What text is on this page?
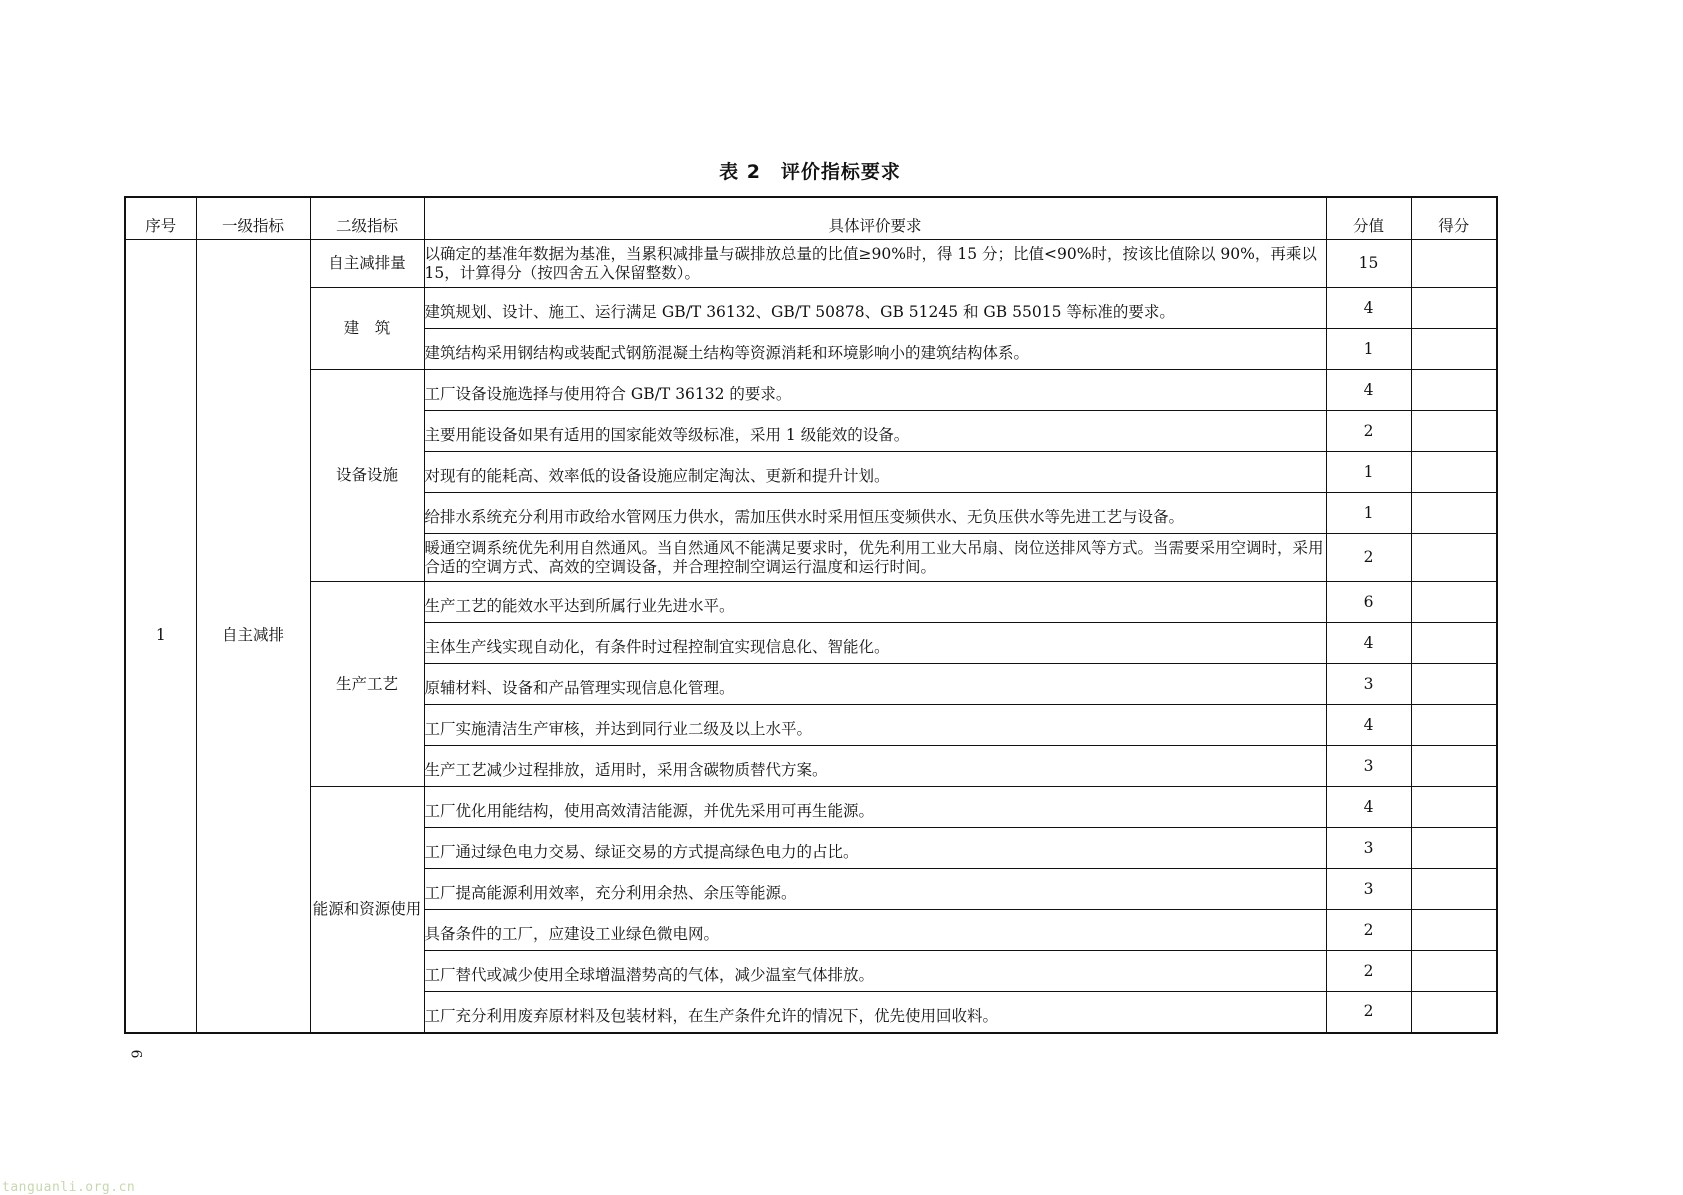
表 2　评价指标要求
序号	一级指标	二级指标	具体评价要求	分值	得分
1	自主减排	自主减排量	以确定的基准年数据为基准，当累积减排量与碳排放总量的比值≥90%时，得 15 分；比值<90%时，按该比值除以 90%，再乘以 15，计算得分（按四舍五入保留整数）。	15	
		建　筑	建筑规划、设计、施工、运行满足 GB/T 36132、GB/T 50878、GB 51245 和 GB 55015 等标准的要求。	4	
			建筑结构采用钢结构或装配式钢筋混凝土结构等资源消耗和环境影响小的建筑结构体系。	1	
		设备设施	工厂设备设施选择与使用符合 GB/T 36132 的要求。	4	
			主要用能设备如果有适用的国家能效等级标准，采用 1 级能效的设备。	2	
			对现有的能耗高、效率低的设备设施应制定淘汰、更新和提升计划。	1	
			给排水系统充分利用市政给水管网压力供水，需加压供水时采用恒压变频供水、无负压供水等先进工艺与设备。	1	
			暖通空调系统优先利用自然通风。当自然通风不能满足要求时，优先利用工业大吊扇、岗位送排风等方式。当需要采用空调时，采用合适的空调方式、高效的空调设备，并合理控制空调运行温度和运行时间。	2	
		生产工艺	生产工艺的能效水平达到所属行业先进水平。	6	
			主体生产线实现自动化，有条件时过程控制宜实现信息化、智能化。	4	
			原辅材料、设备和产品管理实现信息化管理。	3	
			工厂实施清洁生产审核，并达到同行业二级及以上水平。	4	
			生产工艺减少过程排放，适用时，采用含碳物质替代方案。	3	
		能源和资源使用	工厂优化用能结构，使用高效清洁能源，并优先采用可再生能源。	4	
			工厂通过绿色电力交易、绿证交易的方式提高绿色电力的占比。	3	
			工厂提高能源利用效率，充分利用余热、余压等能源。	3	
			具备条件的工厂，应建设工业绿色微电网。	2	
			工厂替代或减少使用全球增温潜势高的气体，减少温室气体排放。	2	
			工厂充分利用废弃原材料及包装材料，在生产条件允许的情况下，优先使用回收料。	2	
6
tanguanli.org.cn
